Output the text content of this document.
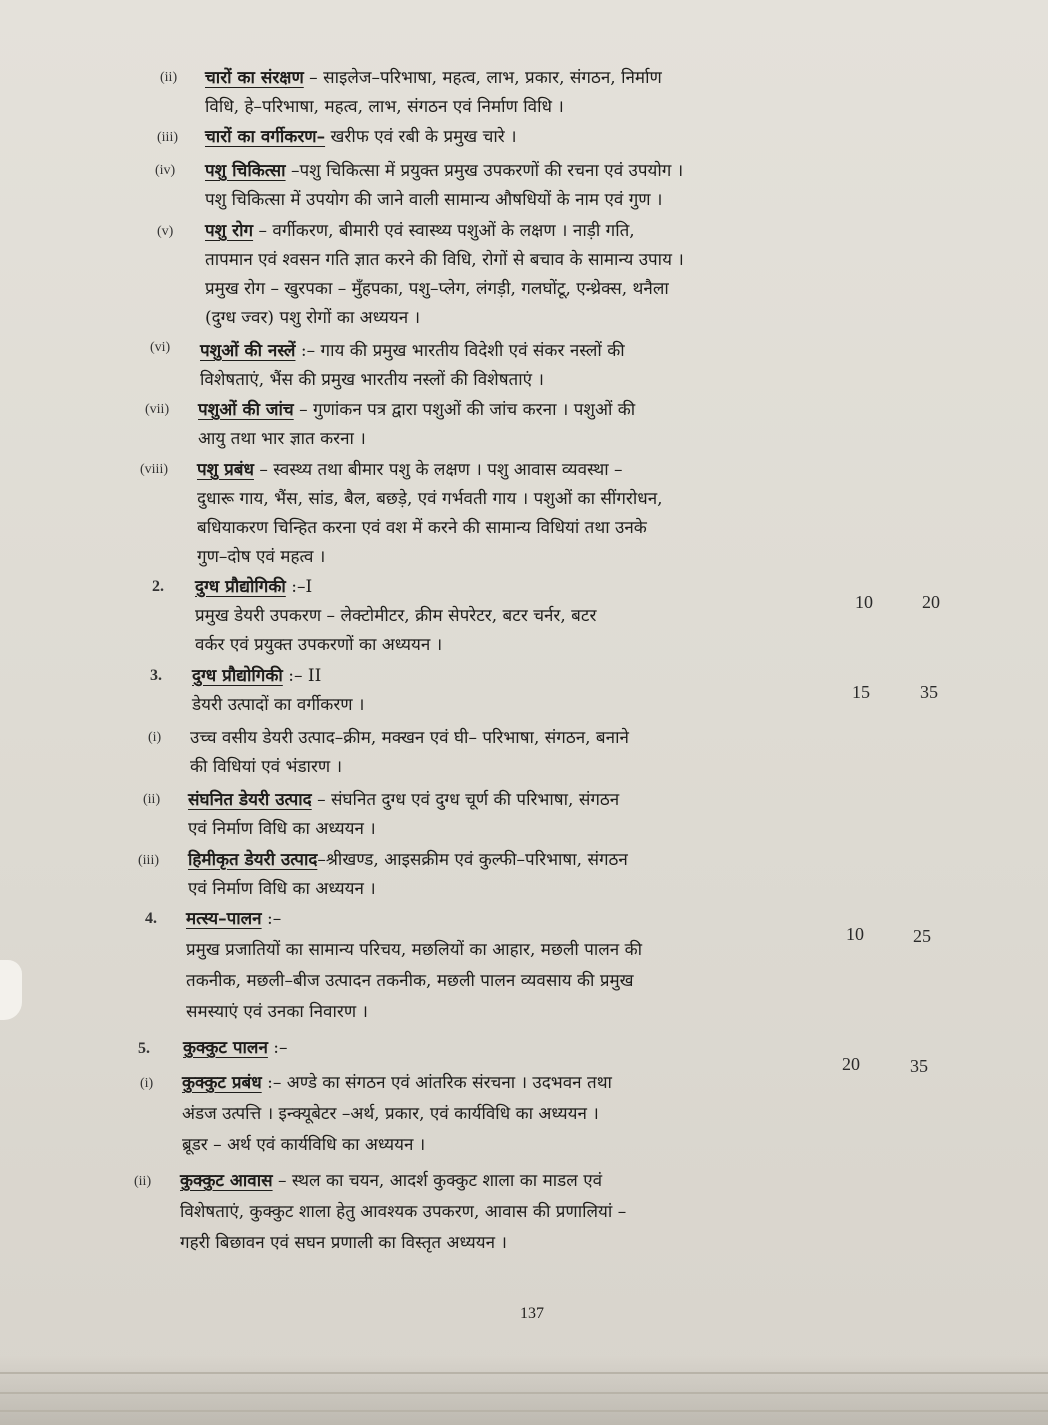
(ii) चारों का संरक्षण – साइलेज–परिभाषा, महत्व, लाभ, प्रकार, संगठन, निर्माण
विधि, हे–परिभाषा, महत्व, लाभ, संगठन एवं निर्माण विधि ।
(iii) चारों का वर्गीकरण– खरीफ एवं रबी के प्रमुख चारे ।
(iv) पशु चिकित्सा –पशु चिकित्सा में प्रयुक्त प्रमुख उपकरणों की रचना एवं उपयोग ।
पशु चिकित्सा में उपयोग की जाने वाली सामान्य औषधियों के नाम एवं गुण ।
(v) पशु रोग – वर्गीकरण, बीमारी एवं स्वास्थ्य पशुओं के लक्षण । नाड़ी गति,
तापमान एवं श्वसन गति ज्ञात करने की विधि, रोगों से बचाव के सामान्य उपाय ।
प्रमुख रोग – खुरपका – मुँहपका, पशु–प्लेग, लंगड़ी, गलघोंटू, एन्थ्रेक्स, थनैला
(दुग्ध ज्वर) पशु रोगों का अध्ययन ।
(vi) पशुओं की नस्लें :– गाय की प्रमुख भारतीय विदेशी एवं संकर नस्लों की
विशेषताएं, भैंस की प्रमुख भारतीय नस्लों की विशेषताएं ।
(vii) पशुओं की जांच – गुणांकन पत्र द्वारा पशुओं की जांच करना । पशुओं की
आयु तथा भार ज्ञात करना ।
(viii) पशु प्रबंध – स्वस्थ्य तथा बीमार पशु के लक्षण । पशु आवास व्यवस्था –
दुधारू गाय, भैंस, सांड, बैल, बछड़े, एवं गर्भवती गाय । पशुओं का सींगरोधन,
बधियाकरण चिन्हित करना एवं वश में करने की सामान्य विधियां तथा उनके
गुण–दोष एवं महत्व ।
2. दुग्ध प्रौद्योगिकी :–I
प्रमुख डेयरी उपकरण – लेक्टोमीटर, क्रीम सेपरेटर, बटर चर्नर, बटर
वर्कर एवं प्रयुक्त उपकरणों का अध्ययन ।
10	20
3. दुग्ध प्रौद्योगिकी :– II
डेयरी उत्पादों का वर्गीकरण ।
15	35
(i) उच्च वसीय डेयरी उत्पाद–क्रीम, मक्खन एवं घी– परिभाषा, संगठन, बनाने
की विधियां एवं भंडारण ।
(ii) संघनित डेयरी उत्पाद – संघनित दुग्ध एवं दुग्ध चूर्ण की परिभाषा, संगठन
एवं निर्माण विधि का अध्ययन ।
(iii) हिमीकृत डेयरी उत्पाद–श्रीखण्ड, आइसक्रीम एवं कुल्फी–परिभाषा, संगठन
एवं निर्माण विधि का अध्ययन ।
4. मत्स्य–पालन :–
प्रमुख प्रजातियों का सामान्य परिचय, मछलियों का आहार, मछली पालन की
तकनीक, मछली–बीज उत्पादन तकनीक, मछली पालन व्यवसाय की प्रमुख
समस्याएं एवं उनका निवारण ।
10	25
5. कुक्कुट पालन :–
20	35
(i) कुक्कुट प्रबंध :– अण्डे का संगठन एवं आंतरिक संरचना । उदभवन तथा
अंडज उत्पत्ति । इन्क्यूबेटर –अर्थ, प्रकार, एवं कार्यविधि का अध्ययन ।
ब्रूडर – अर्थ एवं कार्यविधि का अध्ययन ।
(ii) कुक्कुट आवास – स्थल का चयन, आदर्श कुक्कुट शाला का माडल एवं
विशेषताएं, कुक्कुट शाला हेतु आवश्यक उपकरण, आवास की प्रणालियां –
गहरी बिछावन एवं सघन प्रणाली का विस्तृत अध्ययन ।
137
